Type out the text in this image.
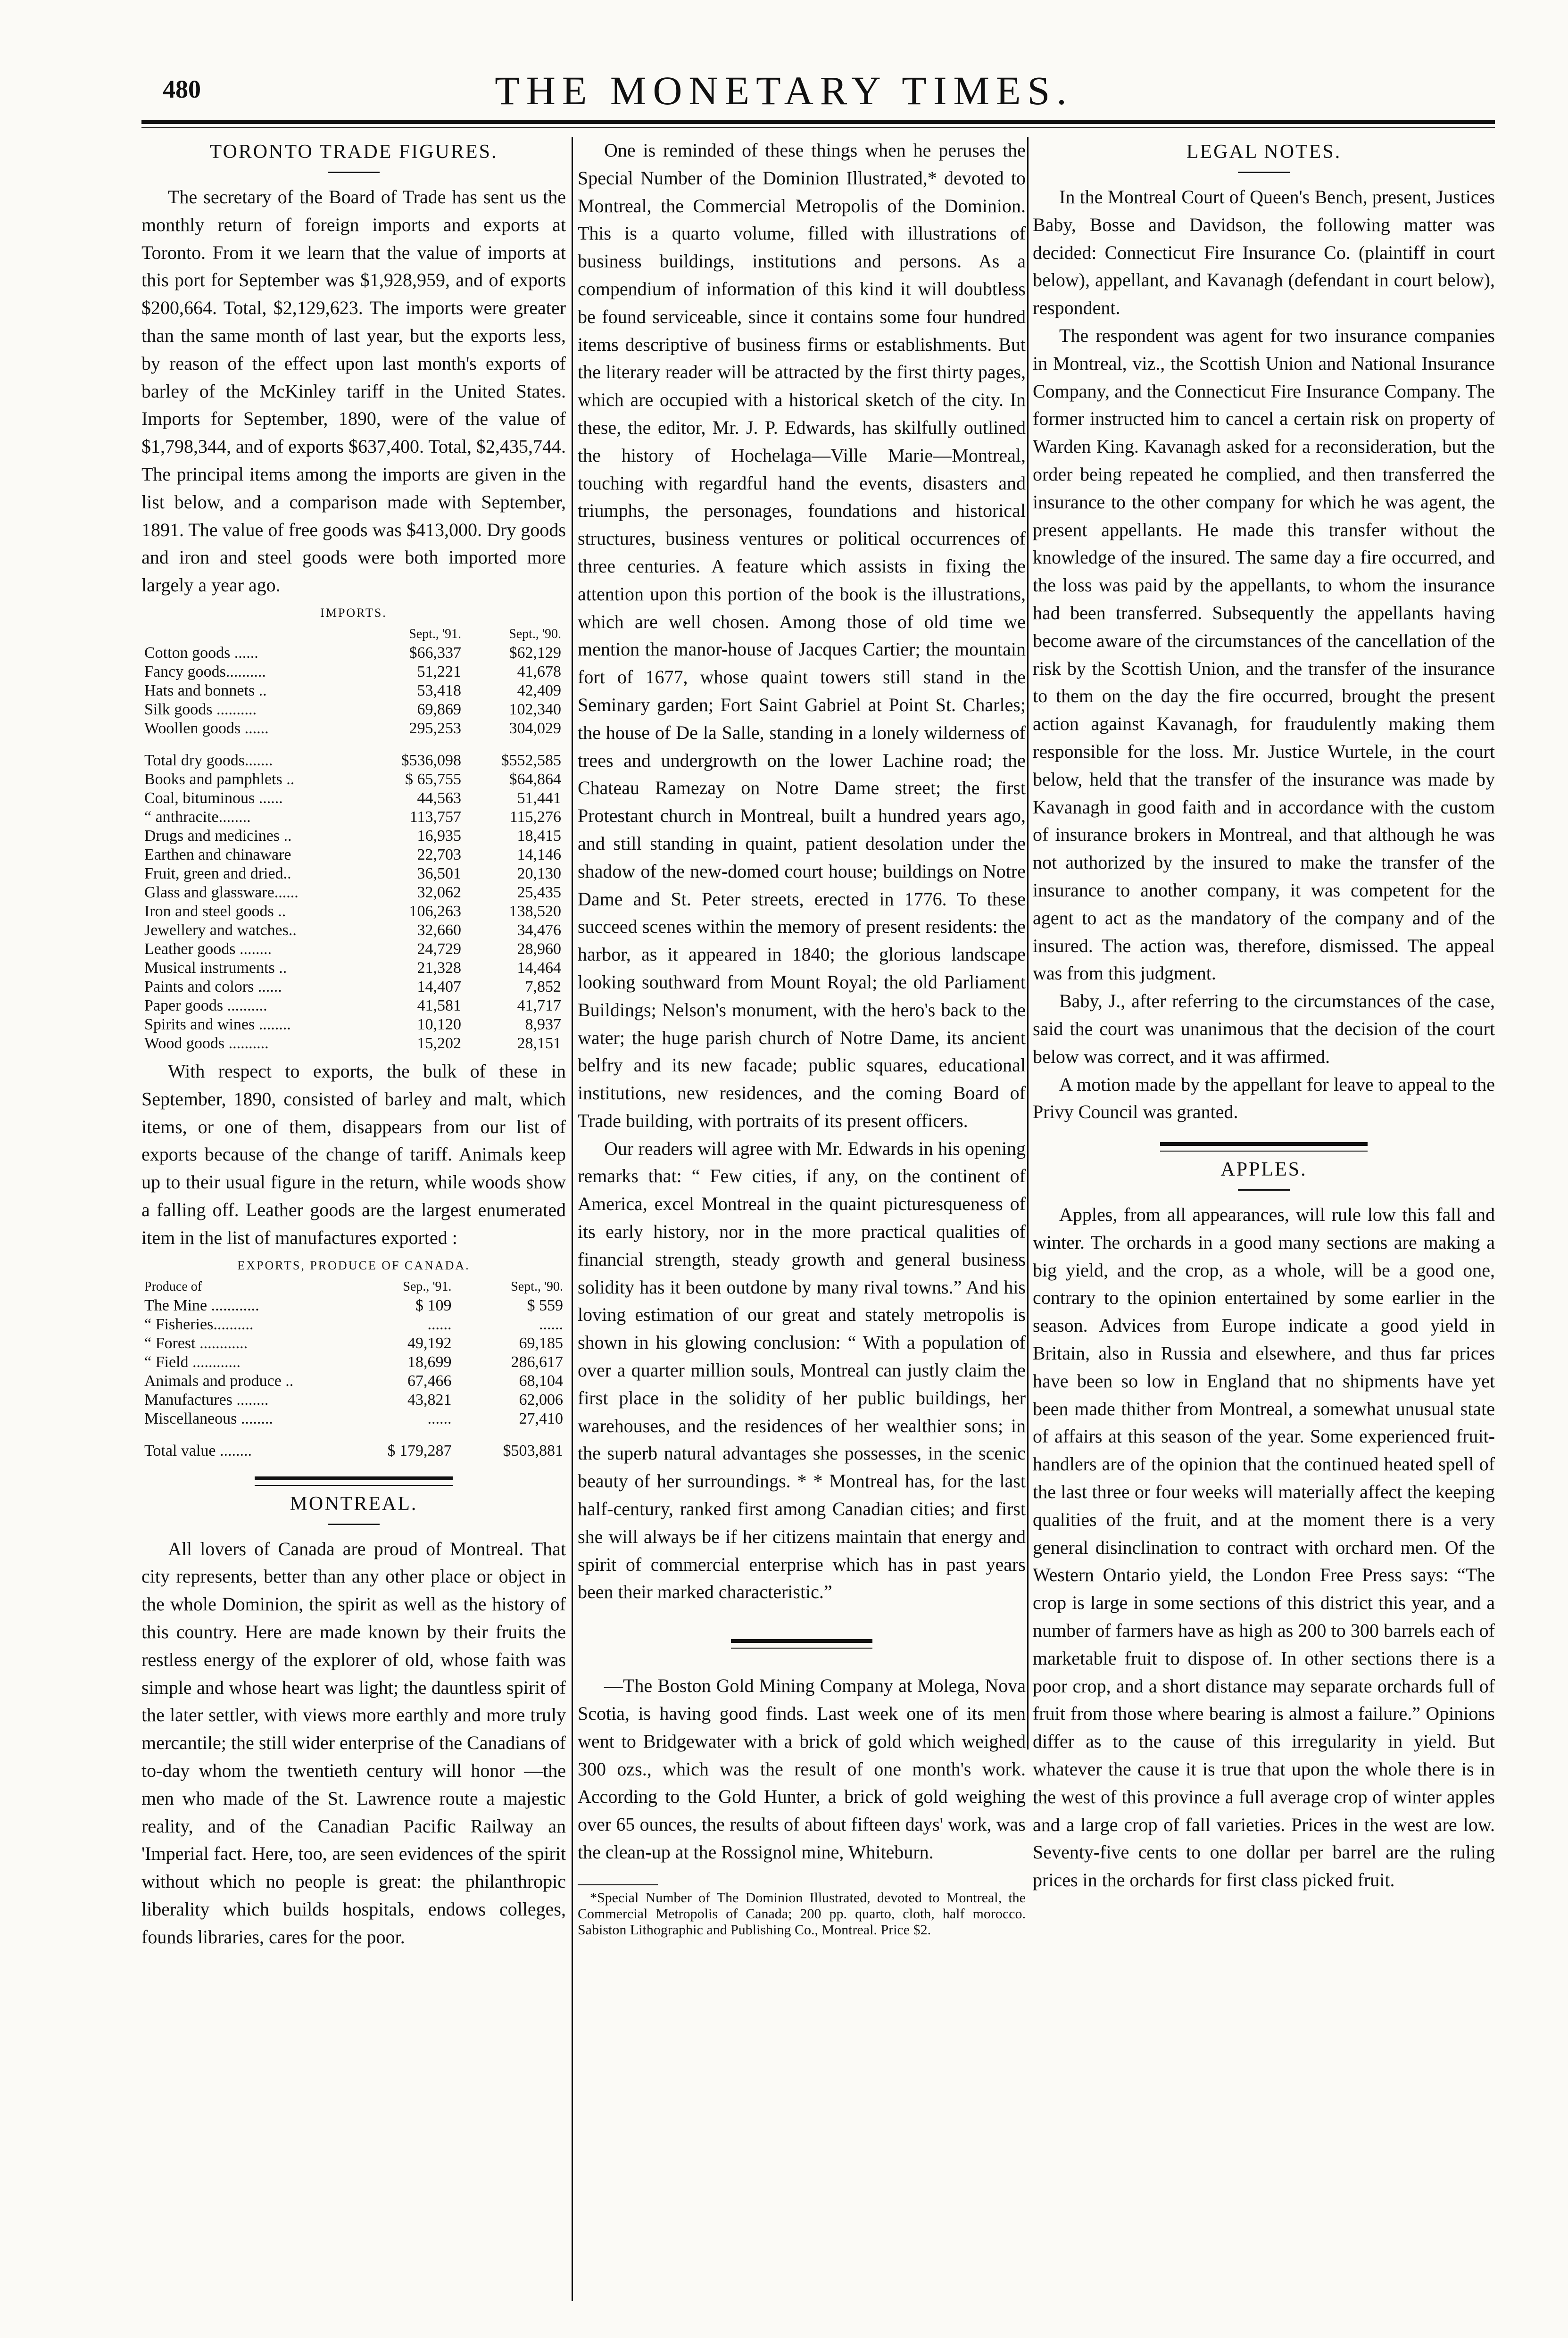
480	THE MONETARY TIMES.
TORONTO TRADE FIGURES.

The secretary of the Board of Trade has sent us the monthly return of foreign imports and exports at Toronto. From it we learn that the value of imports at this port for September was $1,928,959, and of exports $200,664. Total, $2,129,623. The imports were greater than the same month of last year, but the exports less, by reason of the effect upon last month's exports of barley of the McKinley tariff in the United States. Imports for September, 1890, were of the value of $1,798,344, and of exports $637,400. Total, $2,435,744. The principal items among the imports are given in the list below, and a comparison made with September, 1891. The value of free goods was $413,000. Dry goods and iron and steel goods were both imported more largely a year ago.

IMPORTS.
	Sept., '91.	Sept., '90.
Cotton goods ......	$66,337	$62,129
Fancy goods..........	51,221	41,678
Hats and bonnets ..	53,418	42,409
Silk goods ..........	69,869	102,340
Woollen goods ......	295,253	304,029

Total dry goods.......	$536,098	$552,585
Books and pamphlets ..	$ 65,755	$64,864
Coal, bituminous ......	44,563	51,441
“ anthracite........	113,757	115,276
Drugs and medicines ..	16,935	18,415
Earthen and chinaware	22,703	14,146
Fruit, green and dried..	36,501	20,130
Glass and glassware......	32,062	25,435
Iron and steel goods ..	106,263	138,520
Jewellery and watches..	32,660	34,476
Leather goods ........	24,729	28,960
Musical instruments ..	21,328	14,464
Paints and colors ......	14,407	7,852
Paper goods ..........	41,581	41,717
Spirits and wines ........	10,120	8,937
Wood goods ..........	15,202	28,151

With respect to exports, the bulk of these in September, 1890, consisted of barley and malt, which items, or one of them, disappears from our list of exports because of the change of tariff. Animals keep up to their usual figure in the return, while woods show a falling off. Leather goods are the largest enumerated item in the list of manufactures exported :

EXPORTS, PRODUCE OF CANADA.
Produce of	Sep., '91.	Sept., '90.
The Mine ............	$ 109	$ 559
“ Fisheries..........	......	......
“ Forest ............	49,192	69,185
“ Field ............	18,699	286,617
Animals and produce ..	67,466	68,104
Manufactures ........	43,821	62,006
Miscellaneous ........	......	27,410

Total value ........	$ 179,287	$503,881
MONTREAL.

All lovers of Canada are proud of Montreal. That city represents, better than any other place or object in the whole Dominion, the spirit as well as the history of this country. Here are made known by their fruits the restless energy of the explorer of old, whose faith was simple and whose heart was light; the dauntless spirit of the later settler, with views more earthly and more truly mercantile; the still wider enterprise of the Canadians of to-day whom the twentieth century will honor —the men who made of the St. Lawrence route a majestic reality, and of the Canadian Pacific Railway an 'Imperial fact. Here, too, are seen evidences of the spirit without which no people is great: the philanthropic liberality which builds hospitals, endows colleges, founds libraries, cares for the poor.

One is reminded of these things when he peruses the Special Number of the Dominion Illustrated,* devoted to Montreal, the Commercial Metropolis of the Dominion. This is a quarto volume, filled with illustrations of business buildings, institutions and persons. As a compendium of information of this kind it will doubtless be found serviceable, since it contains some four hundred items descriptive of business firms or establishments. But the literary reader will be attracted by the first thirty pages, which are occupied with a historical sketch of the city. In these, the editor, Mr. J. P. Edwards, has skilfully outlined the history of Hochelaga—Ville Marie—Montreal, touching with regardful hand the events, disasters and triumphs, the personages, foundations and historical structures, business ventures or political occurrences of three centuries. A feature which assists in fixing the attention upon this portion of the book is the illustrations, which are well chosen. Among those of old time we mention the manor-house of Jacques Cartier; the mountain fort of 1677, whose quaint towers still stand in the Seminary garden; Fort Saint Gabriel at Point St. Charles; the house of De la Salle, standing in a lonely wilderness of trees and undergrowth on the lower Lachine road; the Chateau Ramezay on Notre Dame street; the first Protestant church in Montreal, built a hundred years ago, and still standing in quaint, patient desolation under the shadow of the new-domed court house; buildings on Notre Dame and St. Peter streets, erected in 1776. To these succeed scenes within the memory of present residents: the harbor, as it appeared in 1840; the glorious landscape looking southward from Mount Royal; the old Parliament Buildings; Nelson's monument, with the hero's back to the water; the huge parish church of Notre Dame, its ancient belfry and its new facade; public squares, educational institutions, new residences, and the coming Board of Trade building, with portraits of its present officers.

Our readers will agree with Mr. Edwards in his opening remarks that: “ Few cities, if any, on the continent of America, excel Montreal in the quaint picturesqueness of its early history, nor in the more practical qualities of financial strength, steady growth and general business solidity has it been outdone by many rival towns.” And his loving estimation of our great and stately metropolis is shown in his glowing conclusion: “ With a population of over a quarter million souls, Montreal can justly claim the first place in the solidity of her public buildings, her warehouses, and the residences of her wealthier sons; in the superb natural advantages she possesses, in the scenic beauty of her surroundings. * * Montreal has, for the last half-century, ranked first among Canadian cities; and first she will always be if her citizens maintain that energy and spirit of commercial enterprise which has in past years been their marked characteristic.”

—The Boston Gold Mining Company at Molega, Nova Scotia, is having good finds. Last week one of its men went to Bridgewater with a brick of gold which weighed 300 ozs., which was the result of one month's work. According to the Gold Hunter, a brick of gold weighing over 65 ounces, the results of about fifteen days' work, was the clean-up at the Rossignol mine, Whiteburn.

*Special Number of The Dominion Illustrated, devoted to Montreal, the Commercial Metropolis of Canada; 200 pp. quarto, cloth, half morocco. Sabiston Lithographic and Publishing Co., Montreal. Price $2.

LEGAL NOTES.

In the Montreal Court of Queen's Bench, present, Justices Baby, Bosse and Davidson, the following matter was decided: Connecticut Fire Insurance Co. (plaintiff in court below), appellant, and Kavanagh (defendant in court below), respondent.

The respondent was agent for two insurance companies in Montreal, viz., the Scottish Union and National Insurance Company, and the Connecticut Fire Insurance Company. The former instructed him to cancel a certain risk on property of Warden King. Kavanagh asked for a reconsideration, but the order being repeated he complied, and then transferred the insurance to the other company for which he was agent, the present appellants. He made this transfer without the knowledge of the insured. The same day a fire occurred, and the loss was paid by the appellants, to whom the insurance had been transferred. Subsequently the appellants having become aware of the circumstances of the cancellation of the risk by the Scottish Union, and the transfer of the insurance to them on the day the fire occurred, brought the present action against Kavanagh, for fraudulently making them responsible for the loss. Mr. Justice Wurtele, in the court below, held that the transfer of the insurance was made by Kavanagh in good faith and in accordance with the custom of insurance brokers in Montreal, and that although he was not authorized by the insured to make the transfer of the insurance to another company, it was competent for the agent to act as the mandatory of the company and of the insured. The action was, therefore, dismissed. The appeal was from this judgment.

Baby, J., after referring to the circumstances of the case, said the court was unanimous that the decision of the court below was correct, and it was affirmed.

A motion made by the appellant for leave to appeal to the Privy Council was granted.

APPLES.

Apples, from all appearances, will rule low this fall and winter. The orchards in a good many sections are making a big yield, and the crop, as a whole, will be a good one, contrary to the opinion entertained by some earlier in the season. Advices from Europe indicate a good yield in Britain, also in Russia and elsewhere, and thus far prices have been so low in England that no shipments have yet been made thither from Montreal, a somewhat unusual state of affairs at this season of the year. Some experienced fruit-handlers are of the opinion that the continued heated spell of the last three or four weeks will materially affect the keeping qualities of the fruit, and at the moment there is a very general disinclination to contract with orchard men. Of the Western Ontario yield, the London Free Press says: “The crop is large in some sections of this district this year, and a number of farmers have as high as 200 to 300 barrels each of marketable fruit to dispose of. In other sections there is a poor crop, and a short distance may separate orchards full of fruit from those where bearing is almost a failure.” Opinions differ as to the cause of this irregularity in yield. But whatever the cause it is true that upon the whole there is in the west of this province a full average crop of winter apples and a large crop of fall varieties. Prices in the west are low. Seventy-five cents to one dollar per barrel are the ruling prices in the orchards for first class picked fruit.
